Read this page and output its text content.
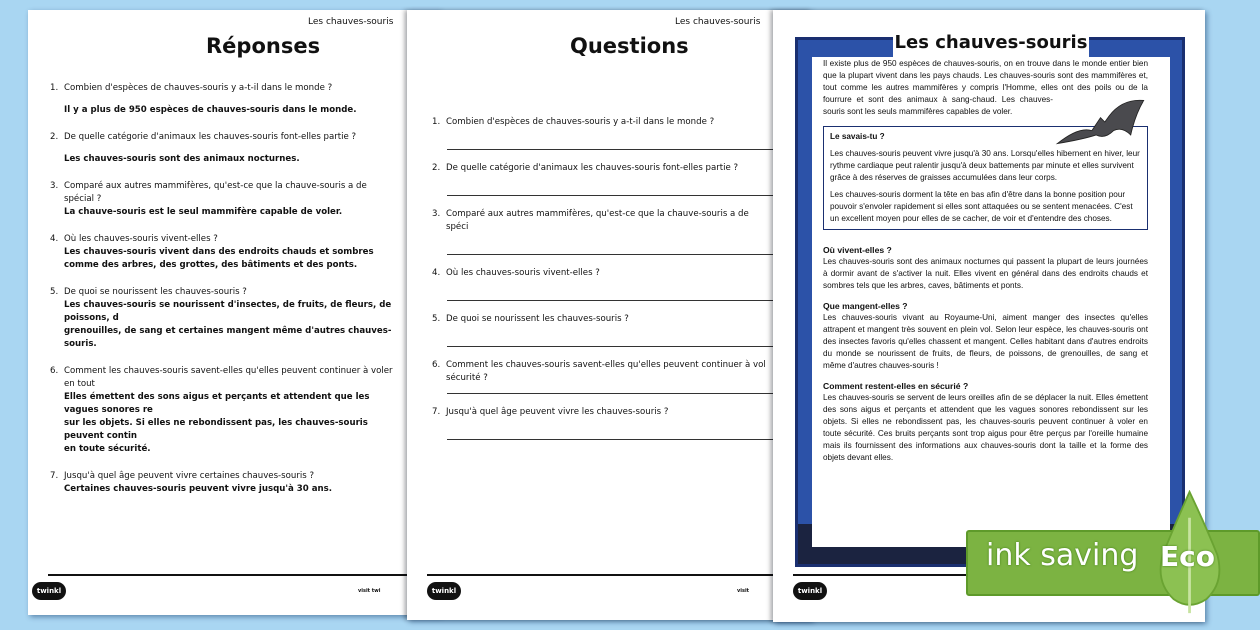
Les chauves-souris
Réponses
1. Combien d'espèces de chauves-souris y a-t-il dans le monde ?
Il y a plus de 950 espèces de chauves-souris dans le monde.
2. De quelle catégorie d'animaux les chauves-souris font-elles partie ?
Les chauves-souris sont des animaux nocturnes.
3. Comparé aux autres mammifères, qu'est-ce que la chauve-souris a de spécial ?
La chauve-souris est le seul mammifère capable de voler.
4. Où les chauves-souris vivent-elles ?
Les chauves-souris vivent dans des endroits chauds et sombres
comme des arbres, des grottes, des bâtiments et des ponts.
5. De quoi se nourissent les chauves-souris ?
Les chauves-souris se nourissent d'insectes, de fruits, de fleurs, de poissons, d
grenouilles, de sang et certaines mangent même d'autres chauves-souris.
6. Comment les chauves-souris savent-elles qu'elles peuvent continuer à voler en tout
Elles émettent des sons aigus et perçants et attendent que les vagues sonores re
sur les objets. Si elles ne rebondissent pas, les chauves-souris peuvent contin
en toute sécurité.
7. Jusqu'à quel âge peuvent vivre certaines chauves-souris ?
Certaines chauves-souris peuvent vivre jusqu'à 30 ans.
twinkl	visit twi
Les chauves-souris
Questions
1. Combien d'espèces de chauves-souris y a-t-il dans le monde ?
2. De quelle catégorie d'animaux les chauves-souris font-elles partie ?
3. Comparé aux autres mammifères, qu'est-ce que la chauve-souris a de spéci
4. Où les chauves-souris vivent-elles ?
5. De quoi se nourissent les chauves-souris ?
6. Comment les chauves-souris savent-elles qu'elles peuvent continuer à vol
sécurité ?
7. Jusqu'à quel âge peuvent vivre les chauves-souris ?
twinkl	visit
Les chauves-souris
Il existe plus de 950 espèces de chauves-souris, on en trouve dans le monde entier bien que la plupart vivent dans les pays chauds. Les chauves-souris sont des mammifères et, tout comme les autres mammifères y compris l'Homme, elles ont des poils ou de la fourrure et sont des animaux à sang-chaud. Les chauves-souris sont les seuls mammifères capables de voler.

Le savais-tu ?

Les chauves-souris peuvent vivre jusqu'à 30 ans. Lorsqu'elles hibernent en hiver, leur rythme cardiaque peut ralentir jusqu'à deux battements par minute et elles survivent grâce à des réserves de graisses accumulées dans leur corps.

Les chauves-souris dorment la tête en bas afin d'être dans la bonne position pour pouvoir s'envoler rapidement si elles sont attaquées ou se sentent menacées. C'est un excellent moyen pour elles de se cacher, de voir et d'entendre des choses.

Où vivent-elles ?
Les chauves-souris sont des animaux nocturnes qui passent la plupart de leurs journées à dormir avant de s'activer la nuit. Elles vivent en général dans des endroits chauds et sombres tels que les arbres, caves, bâtiments et ponts.
Que mangent-elles ?
Les chauves-souris vivant au Royaume-Uni, aiment manger des insectes qu'elles attrapent et mangent très souvent en plein vol. Selon leur espèce, les chauves-souris ont des insectes favoris qu'elles chassent et mangent. Celles habitant dans d'autres endroits du monde se nourissent de fruits, de fleurs, de poissons, de grenouilles, de sang et même d'autres chauves-souris !
Comment restent-elles en sécurié ?
Les chauves-souris se servent de leurs oreilles afin de se déplacer la nuit. Elles émettent des sons aigus et perçants et attendent que les vagues sonores rebondissent sur les objets. Si elles ne rebondissent pas, les chauves-souris peuvent continuer à voler en toute sécurité. Ces bruits perçants sont trop aigus pour être perçus par l'oreille humaine mais ils fournissent des informations aux chauves-souris dont la taille et la forme des objets devant elles.
twinkl
ink saving Eco
